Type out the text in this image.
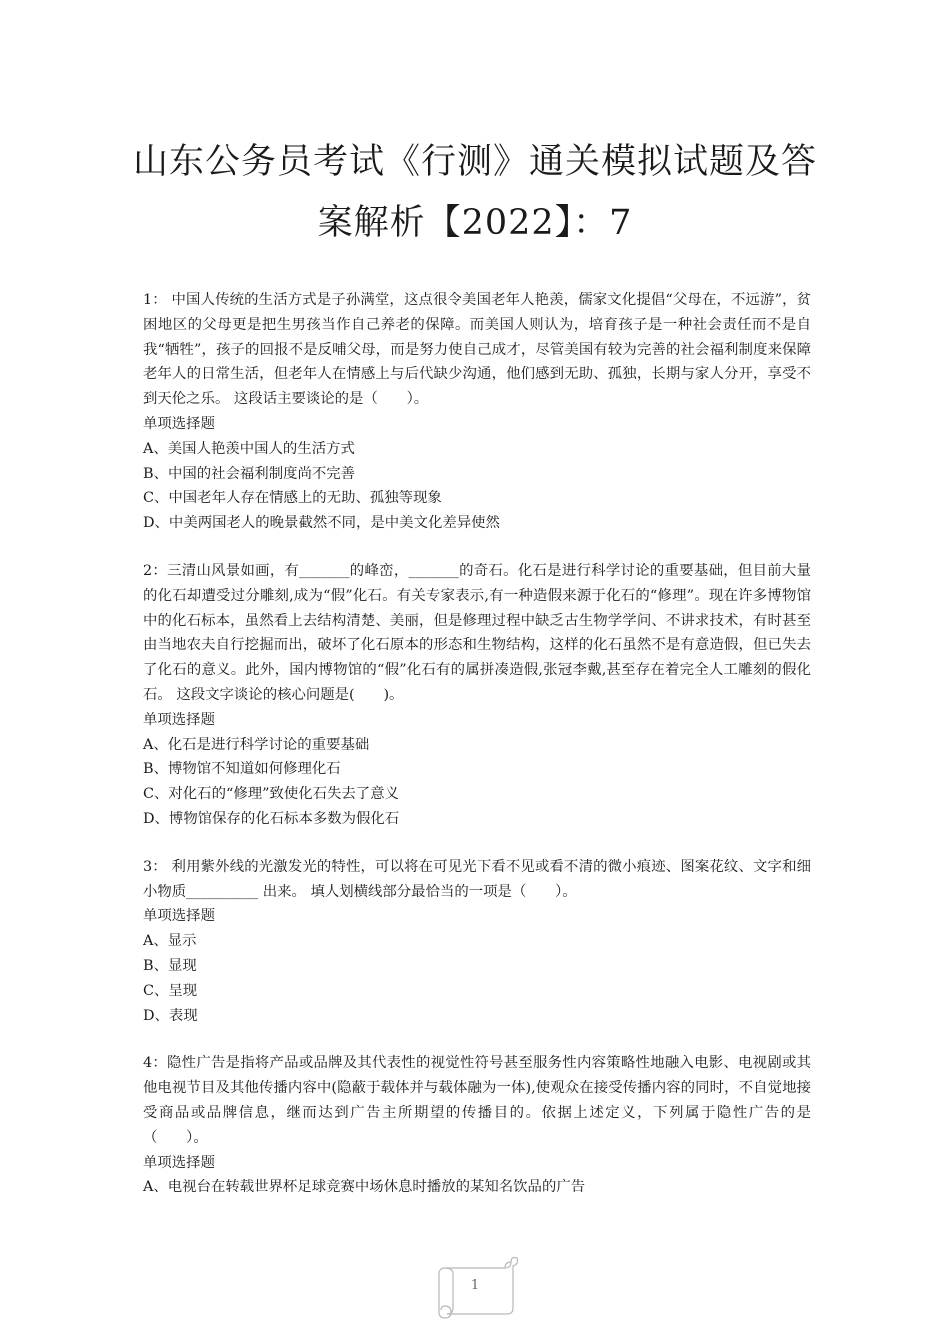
山东公务员考试《行测》通关模拟试题及答
案解析【2022】：7

1： 中国人传统的生活方式是子孙满堂，这点很令美国老年人艳羡，儒家文化提倡“父母在，不远游”，贫困地区的父母更是把生男孩当作自己养老的保障。而美国人则认为，培育孩子是一种社会责任而不是自我“牺牲”，孩子的回报不是反哺父母，而是努力使自己成才，尽管美国有较为完善的社会福利制度来保障老年人的日常生活，但老年人在情感上与后代缺少沟通，他们感到无助、孤独，长期与家人分开，享受不到天伦之乐。 这段话主要谈论的是（　　）。

单项选择题

A、美国人艳羡中国人的生活方式

B、中国的社会福利制度尚不完善

C、中国老年人存在情感上的无助、孤独等现象

D、中美两国老人的晚景截然不同，是中美文化差异使然

2：三清山风景如画，有_______的峰峦，_______的奇石。化石是进行科学讨论的重要基础，但目前大量的化石却遭受过分雕刻,成为“假”化石。有关专家表示,有一种造假来源于化石的“修理”。现在许多博物馆中的化石标本，虽然看上去结构清楚、美丽，但是修理过程中缺乏古生物学学问、不讲求技术，有时甚至由当地农夫自行挖掘而出，破坏了化石原本的形态和生物结构，这样的化石虽然不是有意造假，但已失去了化石的意义。此外，国内博物馆的“假”化石有的属拼凑造假,张冠李戴,甚至存在着完全人工雕刻的假化石。 这段文字谈论的核心问题是(　　)。

单项选择题

A、化石是进行科学讨论的重要基础

B、博物馆不知道如何修理化石

C、对化石的“修理”致使化石失去了意义

D、博物馆保存的化石标本多数为假化石

3： 利用紫外线的光激发光的特性，可以将在可见光下看不见或看不清的微小痕迹、图案花纹、文字和细小物质__________ 出来。 填人划横线部分最恰当的一项是（　　）。

单项选择题

A、显示

B、显现

C、呈现

D、表现

4：隐性广告是指将产品或品牌及其代表性的视觉性符号甚至服务性内容策略性地融入电影、电视剧或其他电视节目及其他传播内容中(隐蔽于载体并与载体融为一体),使观众在接受传播内容的同时，不自觉地接受商品或品牌信息，继而达到广告主所期望的传播目的。依据上述定义，下列属于隐性广告的是（　　）。

单项选择题

A、电视台在转载世界杯足球竞赛中场休息时播放的某知名饮品的广告

1
